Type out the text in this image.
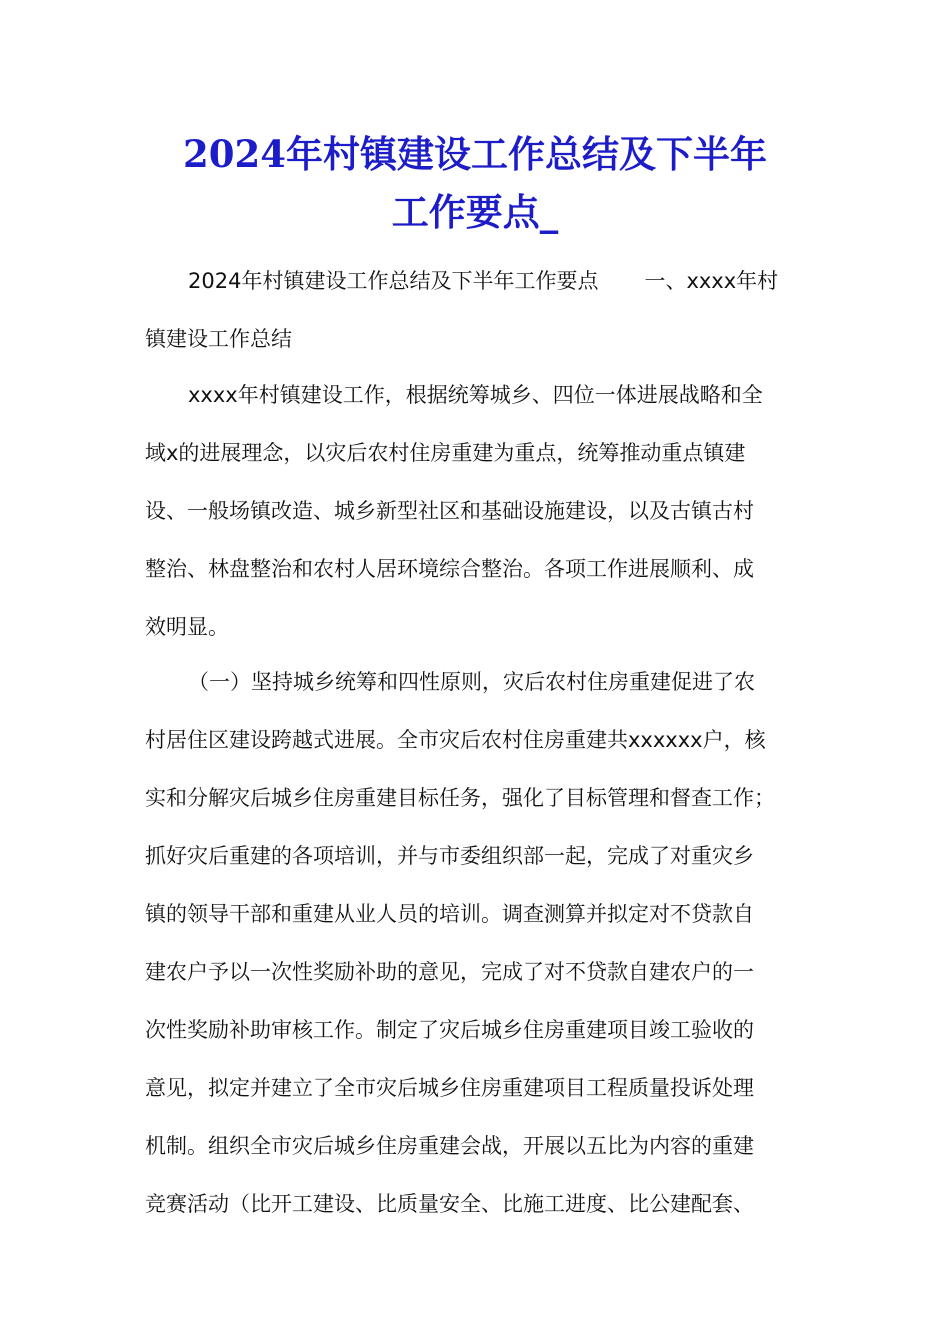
2024年村镇建设工作总结及下半年
工作要点_
2024年村镇建设工作总结及下半年工作要点 一、xxxx年村
镇建设工作总结
xxxx年村镇建设工作，根据统筹城乡、四位一体进展战略和全
域x的进展理念，以灾后农村住房重建为重点，统筹推动重点镇建
设、一般场镇改造、城乡新型社区和基础设施建设，以及古镇古村
整治、林盘整治和农村人居环境综合整治。各项工作进展顺利、成
效明显。
（一）坚持城乡统筹和四性原则，灾后农村住房重建促进了农
村居住区建设跨越式进展。全市灾后农村住房重建共xxxxxx户，核
实和分解灾后城乡住房重建目标任务，强化了目标管理和督查工作；
抓好灾后重建的各项培训，并与市委组织部一起，完成了对重灾乡
镇的领导干部和重建从业人员的培训。调查测算并拟定对不贷款自
建农户予以一次性奖励补助的意见，完成了对不贷款自建农户的一
次性奖励补助审核工作。制定了灾后城乡住房重建项目竣工验收的
意见，拟定并建立了全市灾后城乡住房重建项目工程质量投诉处理
机制。组织全市灾后城乡住房重建会战，开展以五比为内容的重建
竞赛活动（比开工建设、比质量安全、比施工进度、比公建配套、
